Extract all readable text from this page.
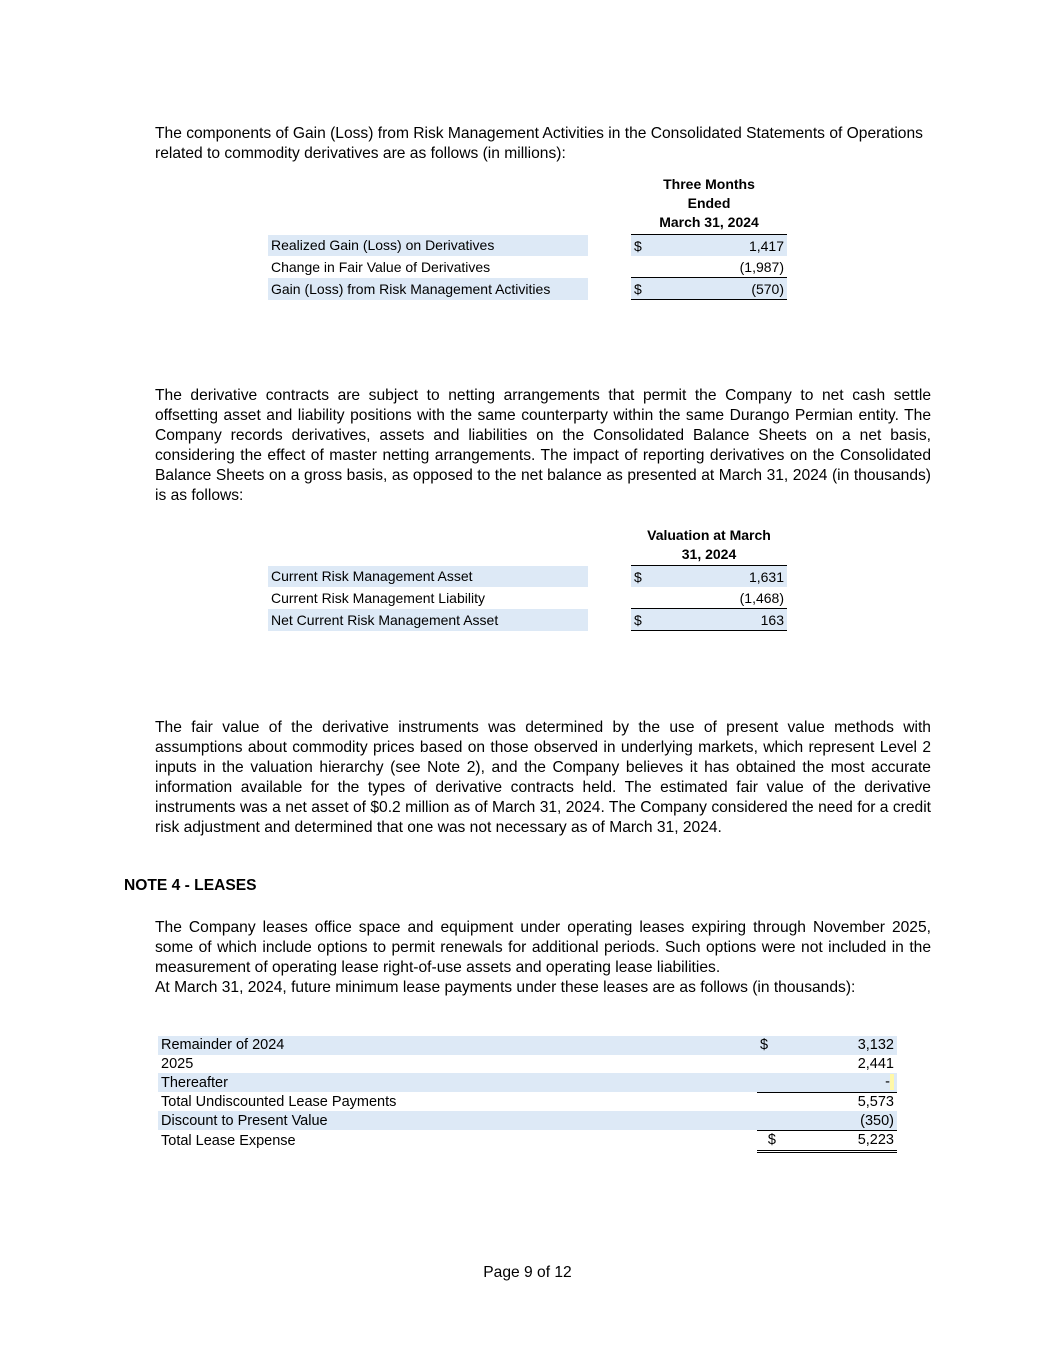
The components of Gain (Loss) from Risk Management Activities in the Consolidated Statements of Operations related to commodity derivatives are as follows (in millions):

Three Months
Ended
March 31, 2024
Realized Gain (Loss) on Derivatives		$	1,417
Change in Fair Value of Derivatives			(1,987)
Gain (Loss) from Risk Management Activities		$	(570)

The derivative contracts are subject to netting arrangements that permit the Company to net cash settle offsetting asset and liability positions with the same counterparty within the same Durango Permian entity. The Company records derivatives, assets and liabilities on the Consolidated Balance Sheets on a net basis, considering the effect of master netting arrangements. The impact of reporting derivatives on the Consolidated Balance Sheets on a gross basis, as opposed to the net balance as presented at March 31, 2024 (in thousands) is as follows:

Valuation at March
31, 2024
Current Risk Management Asset		$	1,631
Current Risk Management Liability			(1,468)
Net Current Risk Management Asset		$	163

The fair value of the derivative instruments was determined by the use of present value methods with assumptions about commodity prices based on those observed in underlying markets, which represent Level 2 inputs in the valuation hierarchy (see Note 2), and the Company believes it has obtained the most accurate information available for the types of derivative contracts held. The estimated fair value of the derivative instruments was a net asset of $0.2 million as of March 31, 2024. The Company considered the need for a credit risk adjustment and determined that one was not necessary as of March 31, 2024.

NOTE 4 - LEASES

The Company leases office space and equipment under operating leases expiring through November 2025, some of which include options to permit renewals for additional periods. Such options were not included in the measurement of operating lease right-of-use assets and operating lease liabilities.

At March 31, 2024, future minimum lease payments under these leases are as follows (in thousands):

Remainder of 2024	$	3,132
2025		2,441
Thereafter		-
Total Undiscounted Lease Payments		5,573
Discount to Present Value		(350)
Total Lease Expense	$	5,223
Page 9 of 12
